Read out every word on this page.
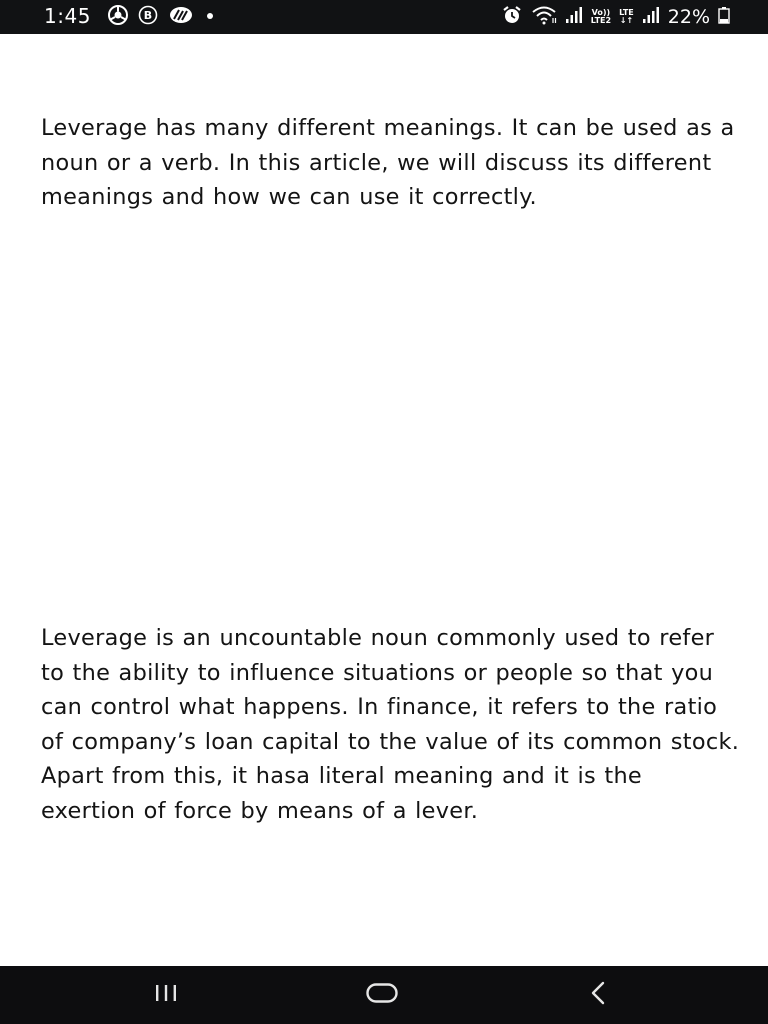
1:45	B	Vo))
LTE2
LTE
↓↑ 22%

Leverage has many different meanings. It can be used as a noun or a verb. In this article, we will discuss its different meanings and how we can use it correctly.

Leverage is an uncountable noun commonly used to refer to the ability to influence situations or people so that you can control what happens. In finance, it refers to the ratio of company’s loan capital to the value of its common stock. Apart from this, it hasa literal meaning and it is the exertion of force by means of a lever.
